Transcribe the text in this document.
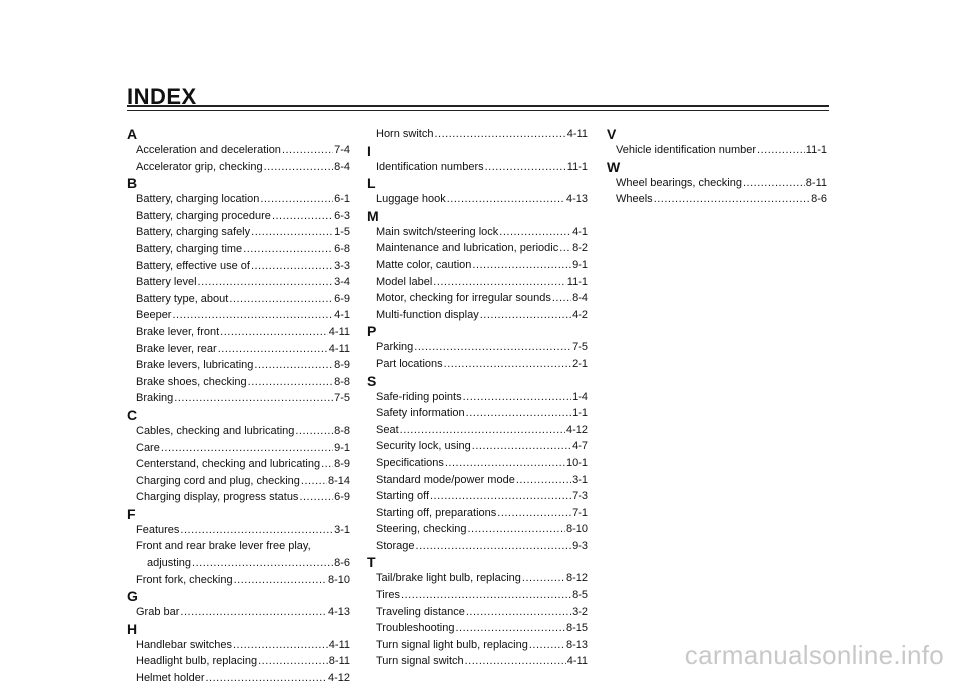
INDEX
A
Acceleration and deceleration .....	7-4
Accelerator grip, checking .....	8-4
B
Battery, charging location .....	6-1
Battery, charging procedure .....	6-3
Battery, charging safely .....	1-5
Battery, charging time .....	6-8
Battery, effective use of .....	3-3
Battery level .....	3-4
Battery type, about .....	6-9
Beeper .....	4-1
Brake lever, front .....	4-11
Brake lever, rear .....	4-11
Brake levers, lubricating .....	8-9
Brake shoes, checking .....	8-8
Braking .....	7-5
C
Cables, checking and lubricating .....	8-8
Care .....	9-1
Centerstand, checking and lubricating ..... 8-9
Charging cord and plug, checking .....	8-14
Charging display, progress status .....	6-9
F
Features .....	3-1
Front and rear brake lever free play,
adjusting .....	8-6
Front fork, checking .....	8-10
G
Grab bar .....	4-13
H
Handlebar switches .....	4-11
Headlight bulb, replacing .....	8-11
Helmet holder .....	4-12
Horn switch .....	4-11
I
Identification numbers .....	11-1
L
Luggage hook .....	4-13
M
Main switch/steering lock .....	4-1
Maintenance and lubrication, periodic ..... 8-2
Matte color, caution .....	9-1
Model label .....	11-1
Motor, checking for irregular sounds ..... 8-4
Multi-function display .....	4-2
P
Parking .....	7-5
Part locations .....	2-1
S
Safe-riding points .....	1-4
Safety information .....	1-1
Seat .....	4-12
Security lock, using .....	4-7
Specifications .....	10-1
Standard mode/power mode .....	3-1
Starting off .....	7-3
Starting off, preparations .....	7-1
Steering, checking .....	8-10
Storage .....	9-3
T
Tail/brake light bulb, replacing .....	8-12
Tires .....	8-5
Traveling distance .....	3-2
Troubleshooting .....	8-15
Turn signal light bulb, replacing .....	8-13
Turn signal switch .....	4-11
V
Vehicle identification number .....	11-1
W
Wheel bearings, checking .....	8-11
Wheels .....	8-6
carmanualsonline.info
